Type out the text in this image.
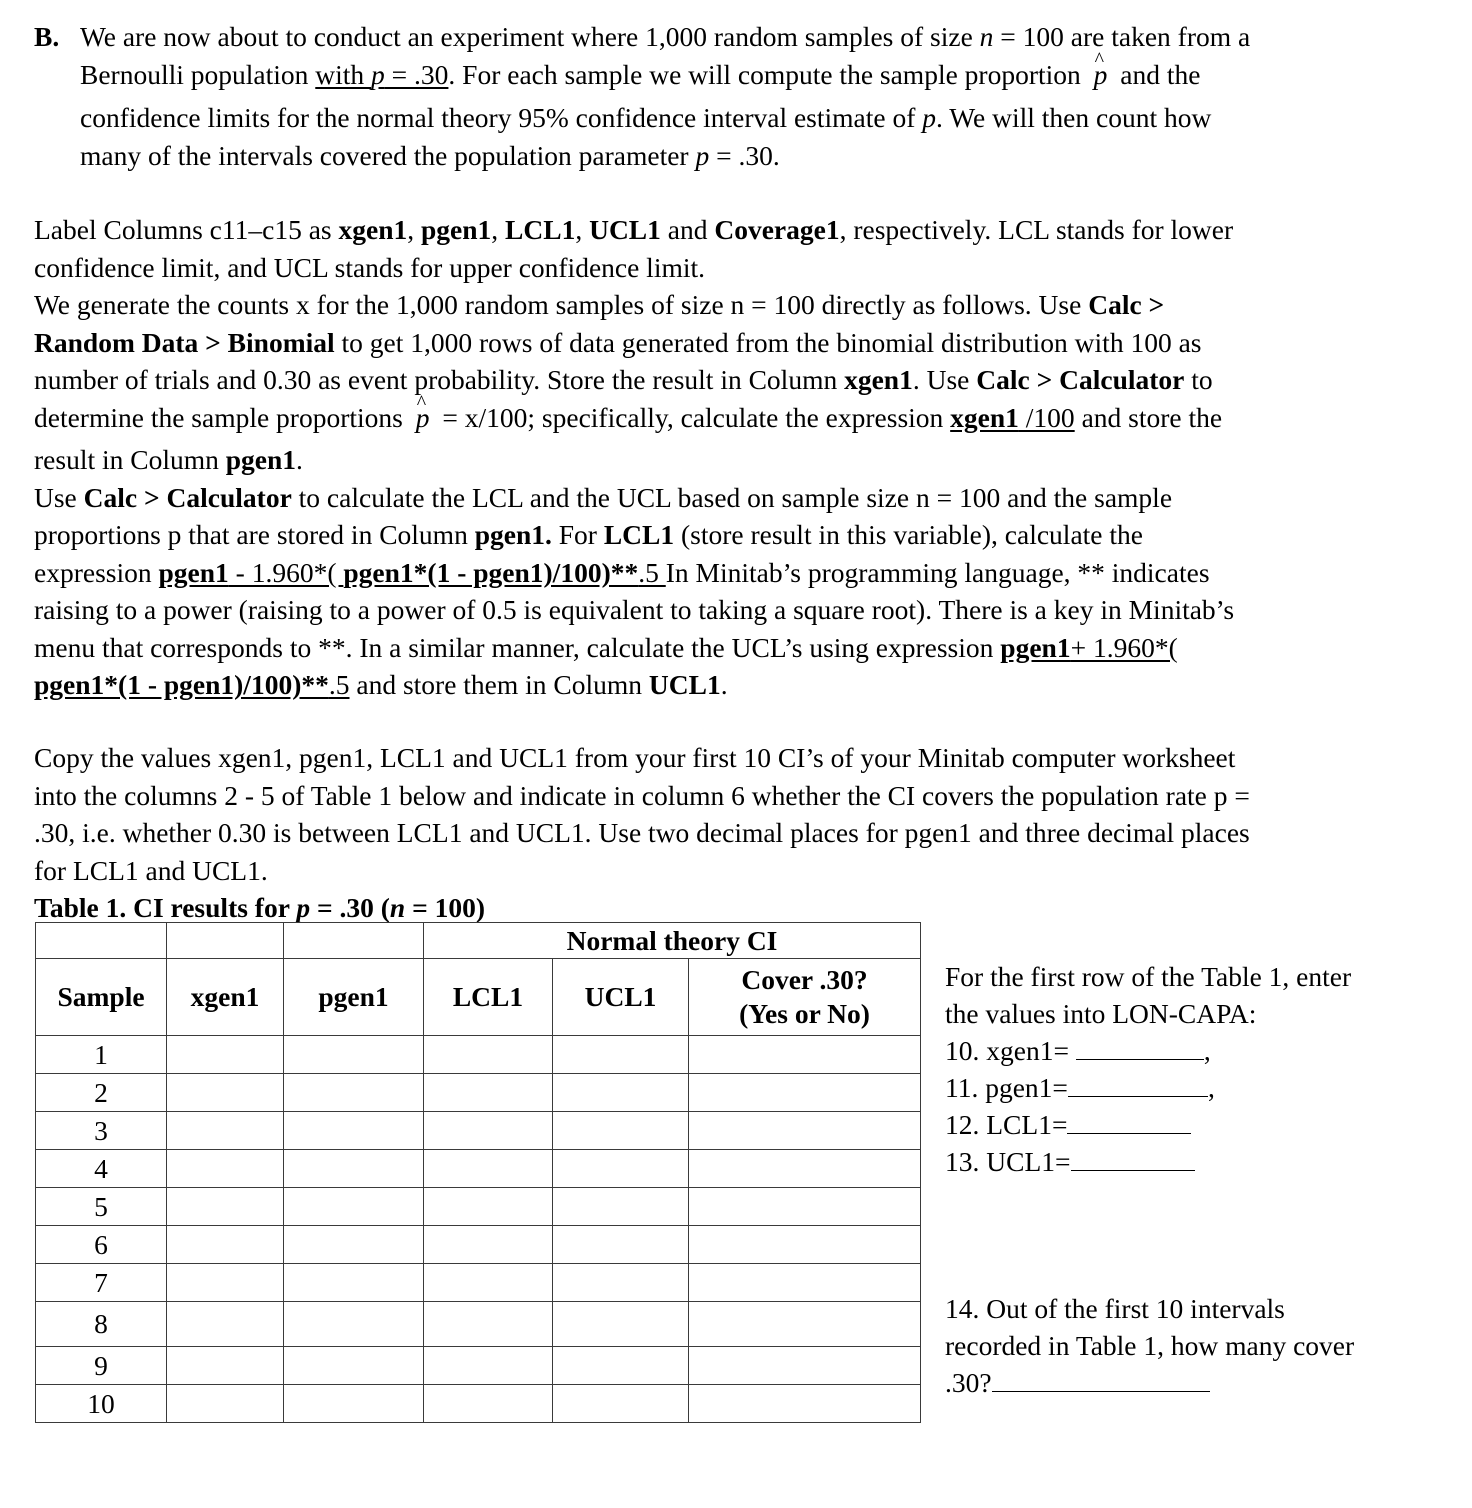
B. We are now about to conduct an experiment where 1,000 random samples of size n = 100 are taken from a
Bernoulli population with p = .30. For each sample we will compute the sample proportion ^ p and the
confidence limits for the normal theory 95% confidence interval estimate of p. We will then count how
many of the intervals covered the population parameter p = .30.
Label Columns c11–c15 as xgen1, pgen1, LCL1, UCL1 and Coverage1, respectively. LCL stands for lower
confidence limit, and UCL stands for upper confidence limit.
We generate the counts x for the 1,000 random samples of size n = 100 directly as follows. Use Calc >
Random Data > Binomial to get 1,000 rows of data generated from the binomial distribution with 100 as
number of trials and 0.30 as event probability. Store the result in Column xgen1. Use Calc > Calculator to
determine the sample proportions ^ p = x/100; specifically, calculate the expression xgen1 /100 and store the
result in Column pgen1.
Use Calc > Calculator to calculate the LCL and the UCL based on sample size n = 100 and the sample
proportions p that are stored in Column pgen1. For LCL1 (store result in this variable), calculate the
expression pgen1 - 1.960*( pgen1*(1 - pgen1)/100)**.5 In Minitab’s programming language, ** indicates
raising to a power (raising to a power of 0.5 is equivalent to taking a square root). There is a key in Minitab’s
menu that corresponds to **. In a similar manner, calculate the UCL’s using expression pgen1+ 1.960*(
pgen1*(1 - pgen1)/100)**.5 and store them in Column UCL1.
Copy the values xgen1, pgen1, LCL1 and UCL1 from your first 10 CI’s of your Minitab computer worksheet
into the columns 2 - 5 of Table 1 below and indicate in column 6 whether the CI covers the population rate p =
.30, i.e. whether 0.30 is between LCL1 and UCL1. Use two decimal places for pgen1 and three decimal places
for LCL1 and UCL1.
Table 1. CI results for p = .30 (n = 100)
			Normal theory CI		
Sample	xgen1	pgen1	LCL1	UCL1	Cover .30?
(Yes or No)

1					
2					
3					
4					
5					
6					
7					
8					
9					
10					
For the first row of the Table 1, enter
the values into LON-CAPA:
10. xgen1=	,
11. pgen1=	,
12. LCL1=
13. UCL1=
14. Out of the first 10 intervals
recorded in Table 1, how many cover
.30?
